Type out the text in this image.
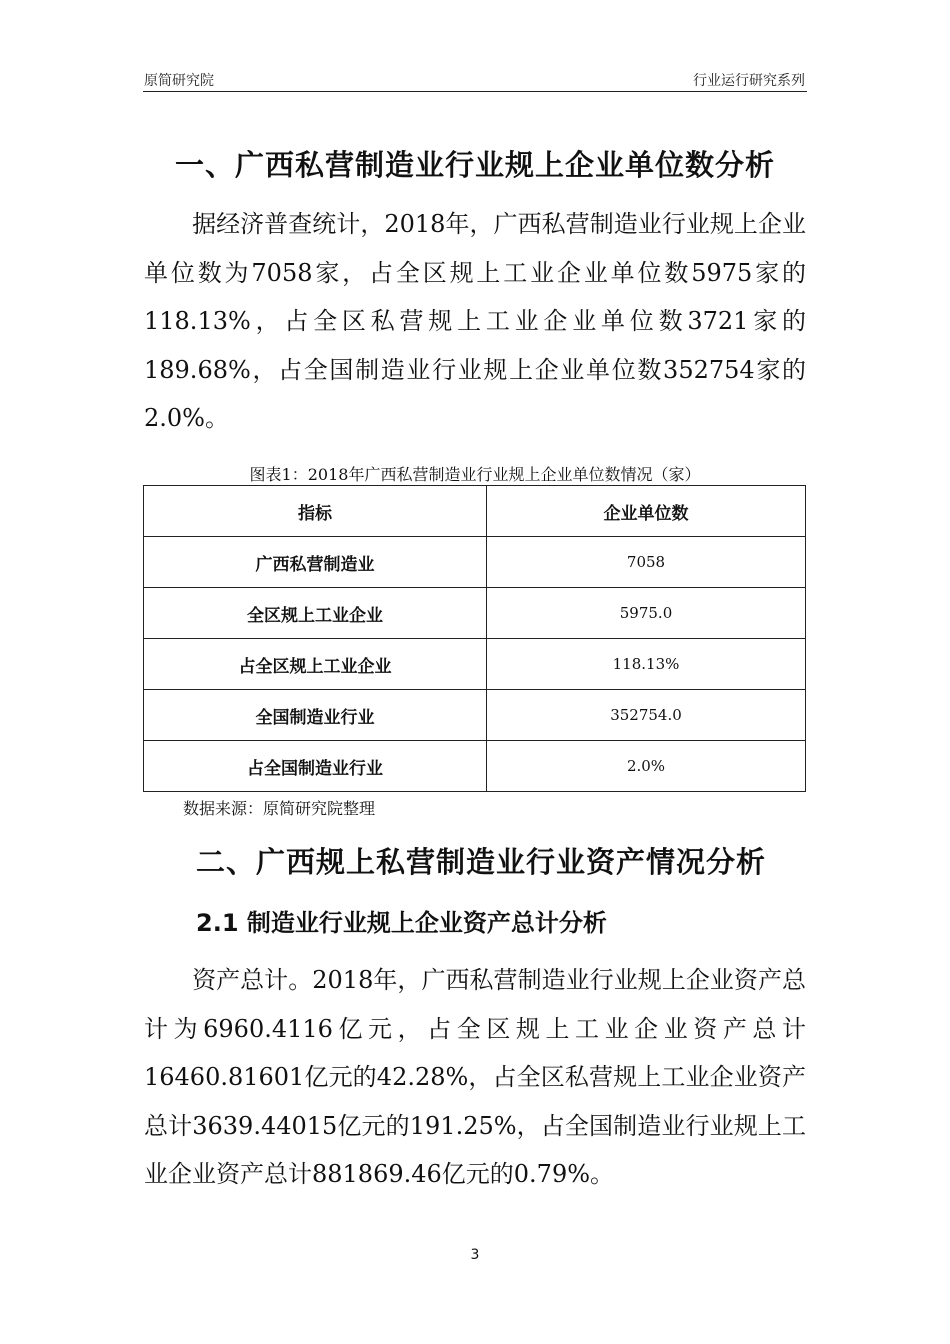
原简研究院	行业运行研究系列
一、广西私营制造业行业规上企业单位数分析

　　据经济普查统计，2018年，广西私营制造业行业规上企业单位数为7058家，占全区规上工业企业单位数5975家的118.13%，占全区私营规上工业企业单位数3721家的189.68%，占全国制造业行业规上企业单位数352754家的2.0%。

图表1：2018年广西私营制造业行业规上企业单位数情况（家）
指标	企业单位数
广西私营制造业	7058
全区规上工业企业	5975.0
占全区规上工业企业	118.13%
全国制造业行业	352754.0
占全国制造业行业	2.0%
数据来源：原简研究院整理
二、广西规上私营制造业行业资产情况分析
2.1 制造业行业规上企业资产总计分析

　　资产总计。2018年，广西私营制造业行业规上企业资产总计为6960.4116亿元，占全区规上工业企业资产总计16460.81601亿元的42.28%，占全区私营规上工业企业资产总计3639.44015亿元的191.25%，占全国制造业行业规上工业企业资产总计881869.46亿元的0.79%。

3
